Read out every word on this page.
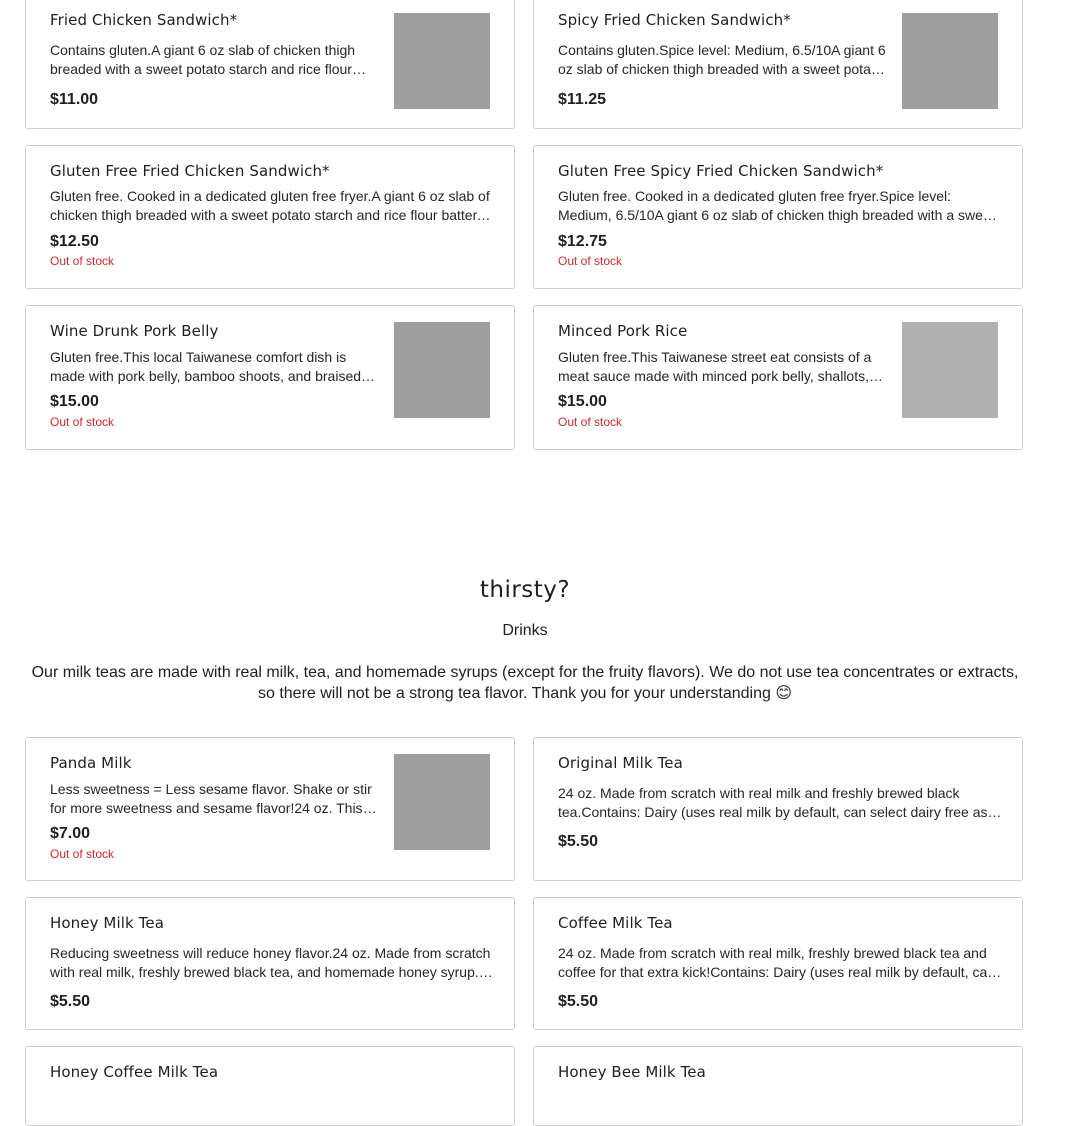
Fried Chicken Sandwich*
Contains gluten.A giant 6 oz slab of chicken thigh breaded with a sweet potato starch and rice flour
$11.00
Spicy Fried Chicken Sandwich*
Contains gluten.Spice level: Medium, 6.5/10A giant 6 oz slab of chicken thigh breaded with a sweet potato
$11.25
Gluten Free Fried Chicken Sandwich*
Gluten free. Cooked in a dedicated gluten free fryer.A giant 6 oz slab of chicken thigh breaded with a sweet potato starch and rice flour batter,
$12.50
Out of stock
Gluten Free Spicy Fried Chicken Sandwich*
Gluten free. Cooked in a dedicated gluten free fryer.Spice level: Medium, 6.5/10A giant 6 oz slab of chicken thigh breaded with a sweet
$12.75
Out of stock
Wine Drunk Pork Belly
Gluten free.This local Taiwanese comfort dish is made with pork belly, bamboo shoots, and braised
$15.00
Out of stock
Minced Pork Rice
Gluten free.This Taiwanese street eat consists of a meat sauce made with minced pork belly, shallots,
$15.00
Out of stock
thirsty?
Drinks
Our milk teas are made with real milk, tea, and homemade syrups (except for the fruity flavors). We do not use tea concentrates or extracts, so there will not be a strong tea flavor. Thank you for your understanding 😊
Panda Milk
Less sweetness = Less sesame flavor. Shake or stir for more sweetness and sesame flavor!24 oz. This
$7.00
Out of stock
Original Milk Tea
24 oz. Made from scratch with real milk and freshly brewed black tea.Contains: Dairy (uses real milk by default, can select dairy free as
$5.50
Honey Milk Tea
Reducing sweetness will reduce honey flavor.24 oz. Made from scratch with real milk, freshly brewed black tea, and homemade honey syrup.
$5.50
Coffee Milk Tea
24 oz. Made from scratch with real milk, freshly brewed black tea and coffee for that extra kick!Contains: Dairy (uses real milk by default, can
$5.50
Honey Coffee Milk Tea	Honey Bee Milk Tea
